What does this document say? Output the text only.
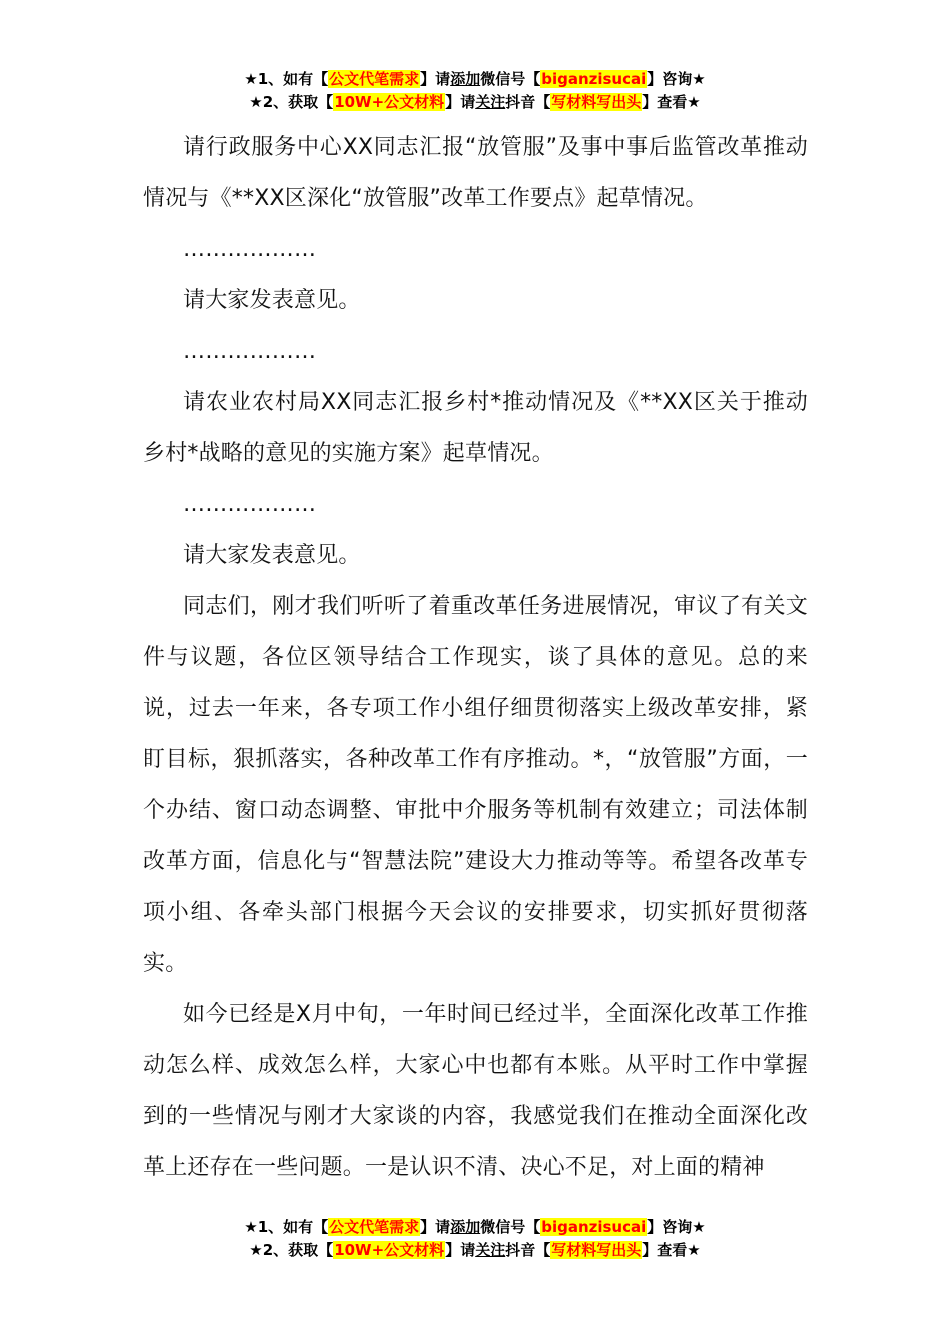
★1、如有【公文代笔需求】请添加微信号【biganzisucai】咨询★
★2、获取【10W+公文材料】请关注抖音【写材料写出头】查看★

请行政服务中心XX同志汇报“放管服”及事中事后监管改革推动情况与《**XX区深化“放管服”改革工作要点》起草情况。

………………

请大家发表意见。

………………

请农业农村局XX同志汇报乡村*推动情况及《**XX区关于推动乡村*战略的意见的实施方案》起草情况。

………………

请大家发表意见。

同志们，刚才我们听听了着重改革任务进展情况，审议了有关文件与议题，各位区领导结合工作现实，谈了具体的意见。总的来说，过去一年来，各专项工作小组仔细贯彻落实上级改革安排，紧盯目标，狠抓落实，各种改革工作有序推动。*，“放管服”方面，一个办结、窗口动态调整、审批中介服务等机制有效建立；司法体制改革方面，信息化与“智慧法院”建设大力推动等等。希望各改革专项小组、各牵头部门根据今天会议的安排要求，切实抓好贯彻落实。

如今已经是X月中旬，一年时间已经过半，全面深化改革工作推动怎么样、成效怎么样，大家心中也都有本账。从平时工作中掌握到的一些情况与刚才大家谈的内容，我感觉我们在推动全面深化改革上还存在一些问题。一是认识不清、决心不足，对上面的精神

★1、如有【公文代笔需求】请添加微信号【biganzisucai】咨询★
★2、获取【10W+公文材料】请关注抖音【写材料写出头】查看★
